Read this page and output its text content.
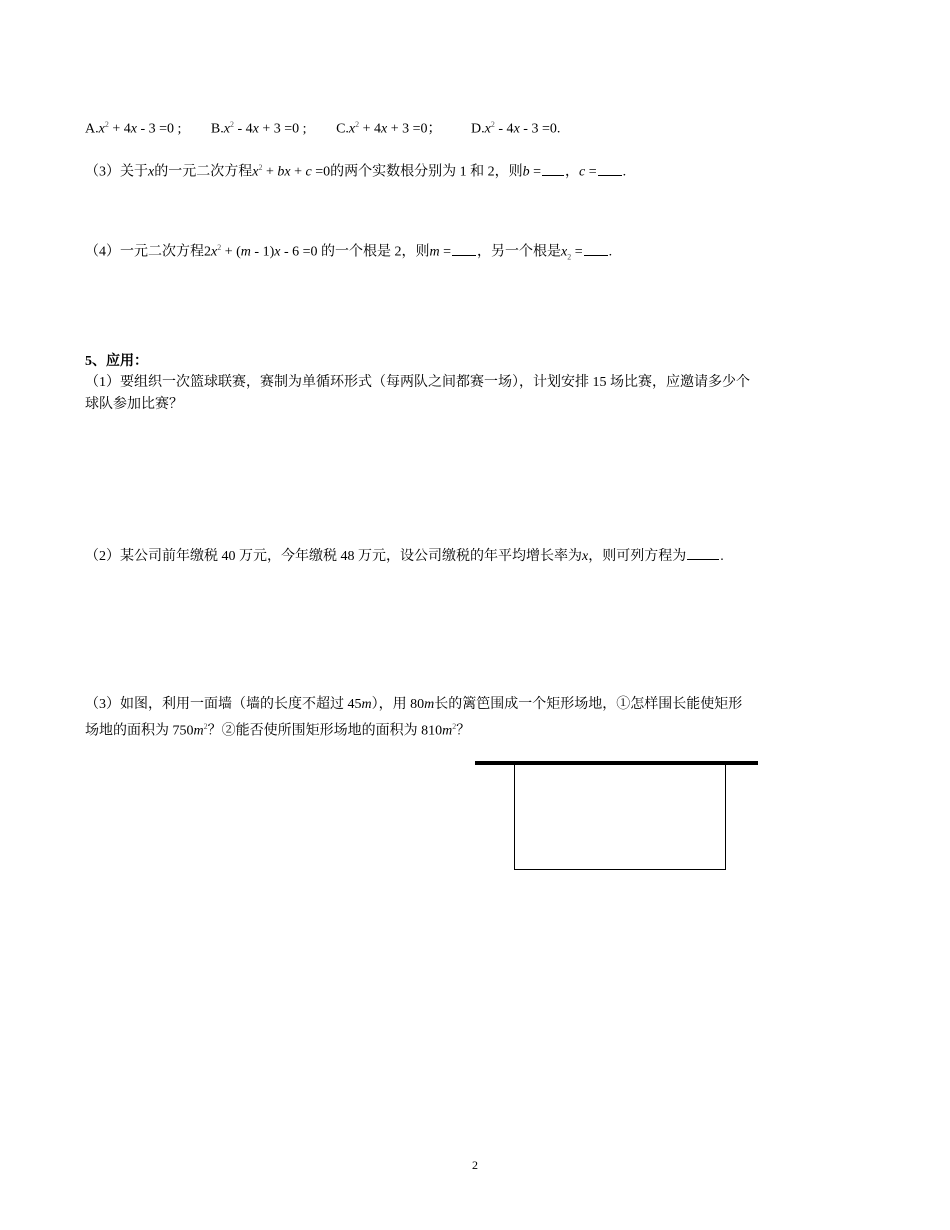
$A.x^2 + 4x - 3 =0$ ; $B.x^2 - 4x + 3 =0$ ; $C.x^2 + 4x + 3 =0$； $D.x^2 - 4x - 3 =0$.
（3）关于x的一元二次方程$x^2$ + bx + c =0的两个实数根分别为 1 和 2，则b = ，c = .
（4）一元二次方程$2x^2 + (m - 1)x - 6 =0$ 的一个根是 2，则m = ，另一个根是$x_2$ = .
5、应用：
（1）要组织一次篮球联赛，赛制为单循环形式（每两队之间都赛一场），计划安排 15 场比赛，应邀请多少个
球队参加比赛？
（2）某公司前年缴税 40 万元，今年缴税 48 万元，设公司缴税的年平均增长率为x，则可列方程为 .
（3）如图，利用一面墙（墙的长度不超过 45m），用 80m长的篱笆围成一个矩形场地，①怎样围长能使矩形
场地的面积为 $750m^2$？②能否使所围矩形场地的面积为 $810m^2$？
2
